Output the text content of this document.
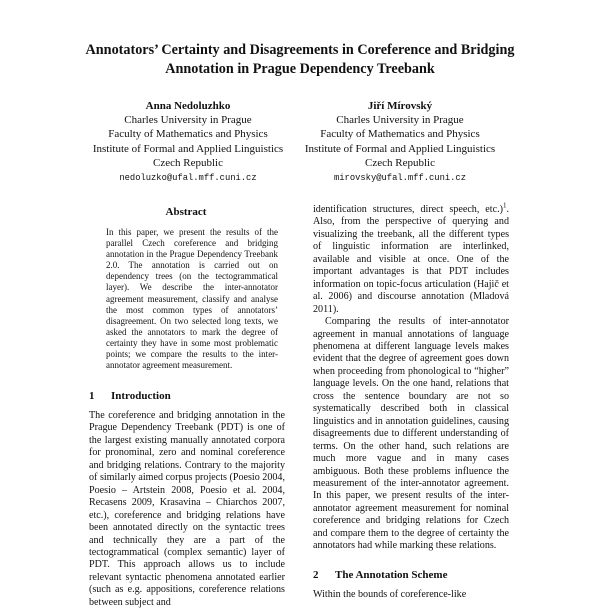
Annotators’ Certainty and Disagreements in Coreference and Bridging
Annotation in Prague Dependency Treebank
Anna Nedoluzhko
Charles University in Prague
Faculty of Mathematics and Physics
Institute of Formal and Applied Linguistics
Czech Republic
nedoluzko@ufal.mff.cuni.cz
Jiří Mírovský
Charles University in Prague
Faculty of Mathematics and Physics
Institute of Formal and Applied Linguistics
Czech Republic
mirovsky@ufal.mff.cuni.cz
Abstract

In this paper, we present the results of the parallel Czech coreference and bridging annotation in the Prague Dependency Treebank 2.0. The annotation is carried out on dependency trees (on the tectogrammatical layer). We describe the inter-annotator agreement measurement, classify and analyse the most common types of annotators’ disagreement. On two selected long texts, we asked the annotators to mark the degree of certainty they have in some most problematic points; we compare the results to the inter-annotator agreement measurement.

1 Introduction

The coreference and bridging annotation in the Prague Dependency Treebank (PDT) is one of the largest existing manually annotated corpora for pronominal, zero and nominal coreference and bridging relations. Contrary to the majority of similarly aimed corpus projects (Poesio 2004, Poesio – Artstein 2008, Poesio et al. 2004, Recasens 2009, Krasavina – Chiarchos 2007, etc.), coreference and bridging relations have been annotated directly on the syntactic trees and technically they are a part of the tectogrammatical (complex semantic) layer of PDT. This approach allows us to include relevant syntactic phenomena annotated earlier (such as e.g. appositions, coreference relations between subject and

identification structures, direct speech, etc.)$^1$. Also, from the perspective of querying and visualizing the treebank, all the different types of linguistic information are interlinked, available and visible at once. One of the important advantages is that PDT includes information on topic-focus articulation (Hajič et al. 2006) and discourse annotation (Mladová 2011).

Comparing the results of inter-annotator agreement in manual annotations of language phenomena at different language levels makes evident that the degree of agreement goes down when proceeding from phonological to “higher” language levels. On the one hand, relations that cross the sentence boundary are not so systematically described both in classical linguistics and in annotation guidelines, causing disagreements due to different understanding of terms. On the other hand, such relations are much more vague and in many cases ambiguous. Both these problems influence the measurement of the inter-annotator agreement. In this paper, we present results of the inter-annotator agreement measurement for nominal coreference and bridging relations for Czech and compare them to the degree of certainty the annotators had while marking these relations.

2 The Annotation Scheme

Within the bounds of coreference-like
